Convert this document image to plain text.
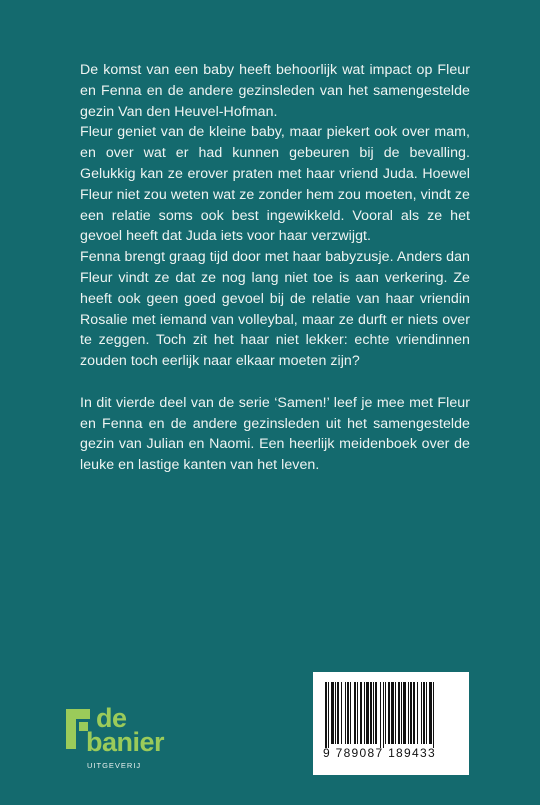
De komst van een baby heeft behoorlijk wat impact op Fleur en Fenna en de andere gezinsleden van het samengestelde gezin Van den Heuvel-Hofman.

Fleur geniet van de kleine baby, maar piekert ook over mam, en over wat er had kunnen gebeuren bij de bevalling. Gelukkig kan ze erover praten met haar vriend Juda. Hoewel Fleur niet zou weten wat ze zonder hem zou moeten, vindt ze een relatie soms ook best ingewikkeld. Vooral als ze het gevoel heeft dat Juda iets voor haar verzwijgt.

Fenna brengt graag tijd door met haar babyzusje. Anders dan Fleur vindt ze dat ze nog lang niet toe is aan verkering. Ze heeft ook geen goed gevoel bij de relatie van haar vriendin Rosalie met iemand van volleybal, maar ze durft er niets over te zeggen. Toch zit het haar niet lekker: echte vriendinnen zouden toch eerlijk naar elkaar moeten zijn?

In dit vierde deel van de serie ‘Samen!’ leef je mee met Fleur en Fenna en de andere gezinsleden uit het samengestelde gezin van Julian en Naomi. Een heerlijk meidenboek over de leuke en lastige kanten van het leven.

de
banier
UITGEVERIJ
9 789087 189433
